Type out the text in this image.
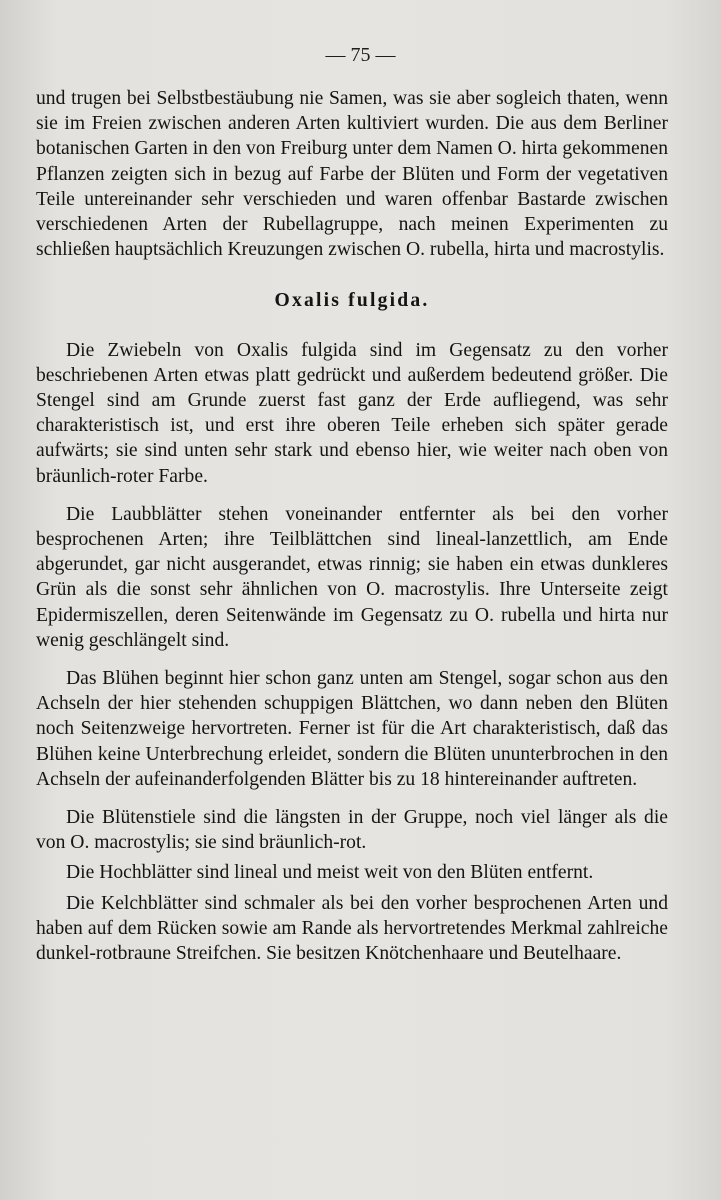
— 75 —

und trugen bei Selbstbestäubung nie Samen, was sie aber sogleich thaten, wenn sie im Freien zwischen anderen Arten kultiviert wurden. Die aus dem Berliner botanischen Garten in den von Freiburg unter dem Namen O. hirta gekommenen Pflanzen zeigten sich in bezug auf Farbe der Blüten und Form der vegetativen Teile untereinander sehr verschieden und waren offenbar Bastarde zwischen verschiedenen Arten der Rubellagruppe, nach meinen Experimenten zu schließen hauptsächlich Kreuzungen zwischen O. rubella, hirta und macrostylis.

Oxalis fulgida.

Die Zwiebeln von Oxalis fulgida sind im Gegensatz zu den vorher beschriebenen Arten etwas platt gedrückt und außerdem bedeutend größer. Die Stengel sind am Grunde zuerst fast ganz der Erde aufliegend, was sehr charakteristisch ist, und erst ihre oberen Teile erheben sich später gerade aufwärts; sie sind unten sehr stark und ebenso hier, wie weiter nach oben von bräunlich-roter Farbe.

Die Laubblätter stehen voneinander entfernter als bei den vorher besprochenen Arten; ihre Teilblättchen sind lineal-lanzettlich, am Ende abgerundet, gar nicht ausgerandet, etwas rinnig; sie haben ein etwas dunkleres Grün als die sonst sehr ähnlichen von O. macrostylis. Ihre Unterseite zeigt Epidermiszellen, deren Seitenwände im Gegensatz zu O. rubella und hirta nur wenig geschlängelt sind.

Das Blühen beginnt hier schon ganz unten am Stengel, sogar schon aus den Achseln der hier stehenden schuppigen Blättchen, wo dann neben den Blüten noch Seitenzweige hervortreten. Ferner ist für die Art charakteristisch, daß das Blühen keine Unterbrechung erleidet, sondern die Blüten ununterbrochen in den Achseln der aufeinanderfolgenden Blätter bis zu 18 hintereinander auftreten.

Die Blütenstiele sind die längsten in der Gruppe, noch viel länger als die von O. macrostylis; sie sind bräunlich-rot.

Die Hochblätter sind lineal und meist weit von den Blüten entfernt.

Die Kelchblätter sind schmaler als bei den vorher besprochenen Arten und haben auf dem Rücken sowie am Rande als hervortretendes Merkmal zahlreiche dunkel-rotbraune Streifchen. Sie besitzen Knötchenhaare und Beutelhaare.
